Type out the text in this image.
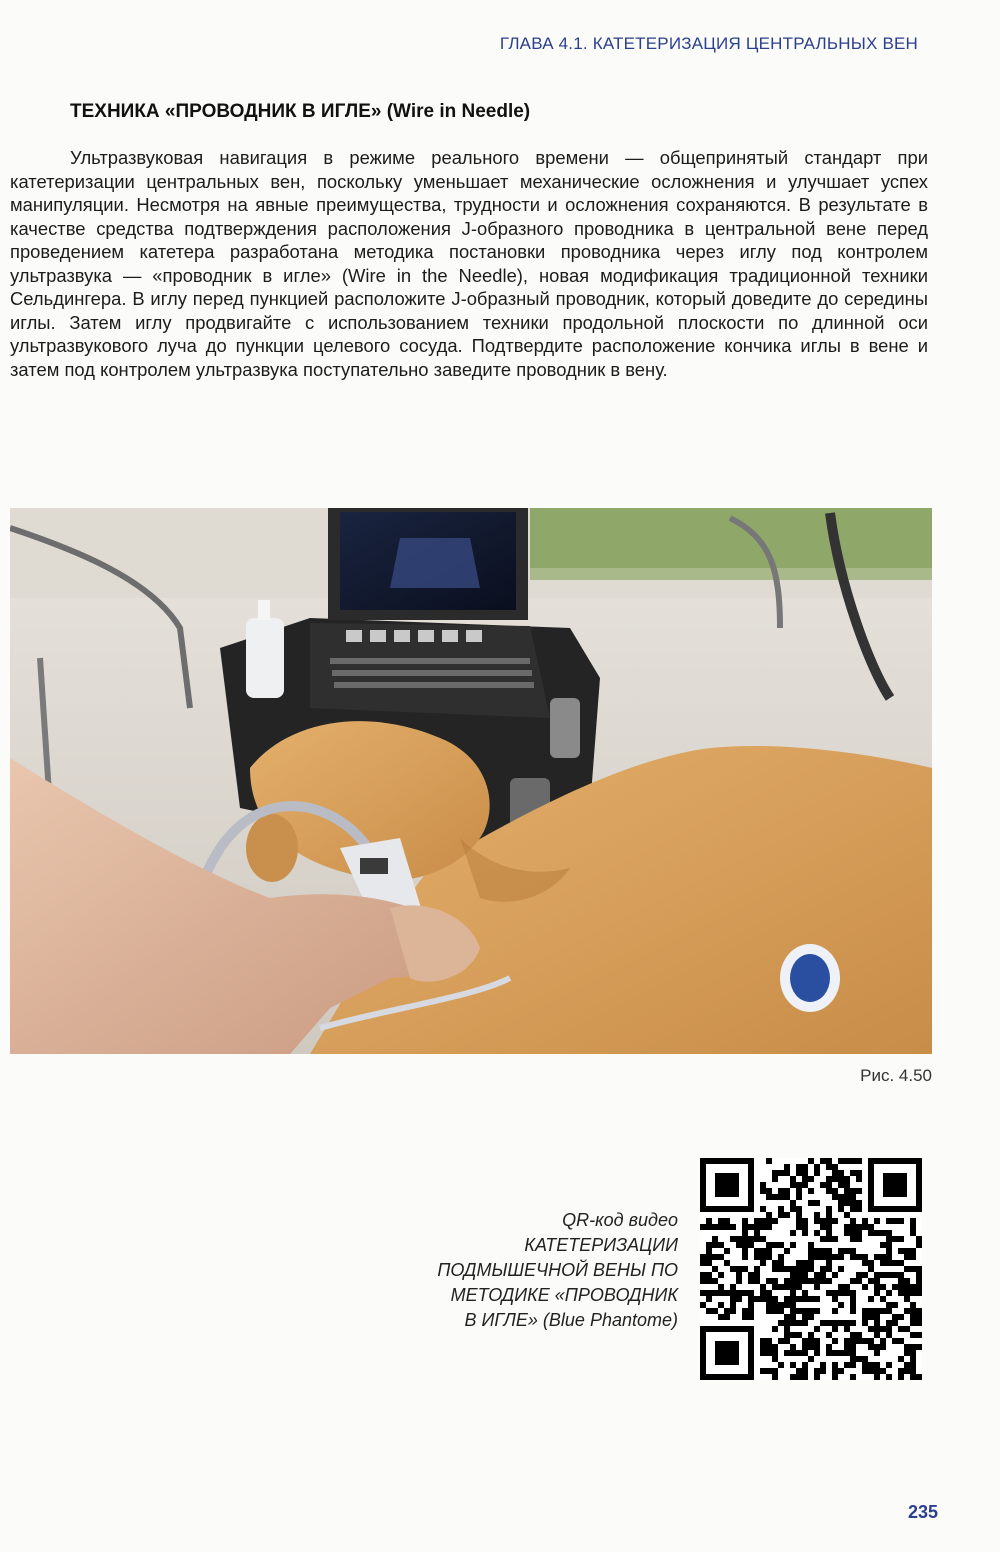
ГЛАВА 4.1. КАТЕТЕРИЗАЦИЯ ЦЕНТРАЛЬНЫХ ВЕН
ТЕХНИКА «ПРОВОДНИК В ИГЛЕ» (Wire in Needle)
Ультразвуковая навигация в режиме реального времени — общепринятый стандарт при катетеризации центральных вен, поскольку уменьшает механические осложнения и улучшает успех манипуляции. Несмотря на явные преимущества, трудности и осложнения сохраняются. В результате в качестве средства подтверждения расположения J-образного проводника в центральной вене перед проведением катетера разработана методика постановки проводника через иглу под контролем ультразвука — «проводник в игле» (Wire in the Needle), новая модификация традиционной техники Сельдингера. В иглу перед пункцией расположите J-образный проводник, который доведите до середины иглы. Затем иглу продвигайте с использованием техники продольной плоскости по длинной оси ультразвукового луча до пункции целевого сосуда. Подтвердите расположение кончика иглы в вене и затем под контролем ультразвука поступательно заведите проводник в вену.
Рис. 4.50
QR-код видео
КАТЕТЕРИЗАЦИИ
ПОДМЫШЕЧНОЙ ВЕНЫ ПО
МЕТОДИКЕ «ПРОВОДНИК
В ИГЛЕ» (Blue Phantome)
235
